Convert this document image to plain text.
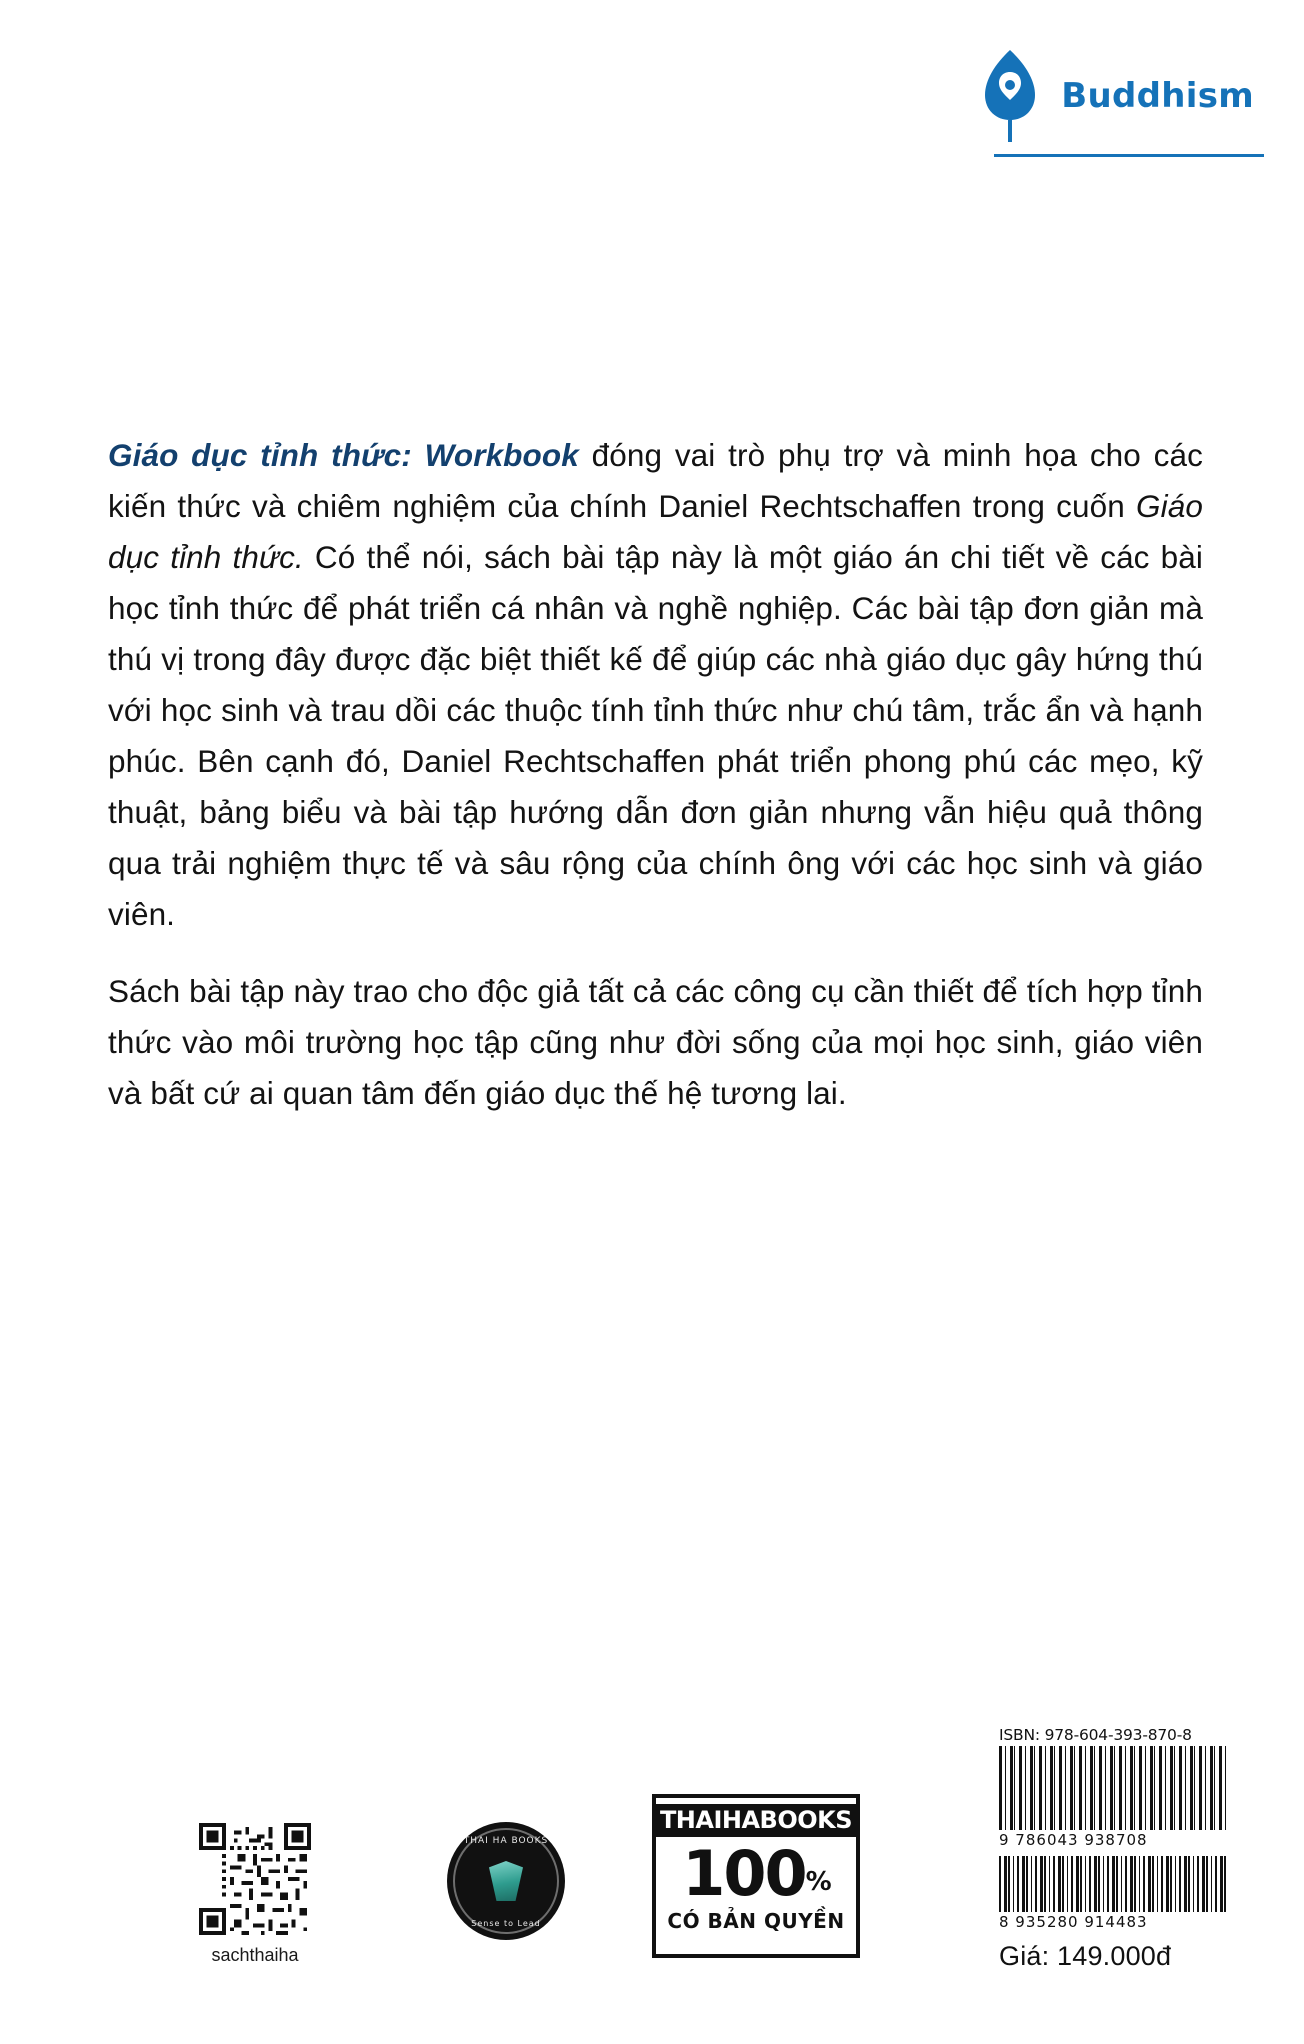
Buddhism

Giáo dục tỉnh thức: Workbook đóng vai trò phụ trợ và minh họa cho các kiến thức và chiêm nghiệm của chính Daniel Rechtschaffen trong cuốn Giáo dục tỉnh thức. Có thể nói, sách bài tập này là một giáo án chi tiết về các bài học tỉnh thức để phát triển cá nhân và nghề nghiệp. Các bài tập đơn giản mà thú vị trong đây được đặc biệt thiết kế để giúp các nhà giáo dục gây hứng thú với học sinh và trau dồi các thuộc tính tỉnh thức như chú tâm, trắc ẩn và hạnh phúc. Bên cạnh đó, Daniel Rechtschaffen phát triển phong phú các mẹo, kỹ thuật, bảng biểu và bài tập hướng dẫn đơn giản nhưng vẫn hiệu quả thông qua trải nghiệm thực tế và sâu rộng của chính ông với các học sinh và giáo viên.

Sách bài tập này trao cho độc giả tất cả các công cụ cần thiết để tích hợp tỉnh thức vào môi trường học tập cũng như đời sống của mọi học sinh, giáo viên và bất cứ ai quan tâm đến giáo dục thế hệ tương lai.

sachthaiha
THAI HA BOOKS
Sense to Lead
THAIHABOOKS
100 %
CÓ BẢN QUYỀN
ISBN: 978-604-393-870-8
9 786043 938708
8 935280 914483
Giá: 149.000đ
